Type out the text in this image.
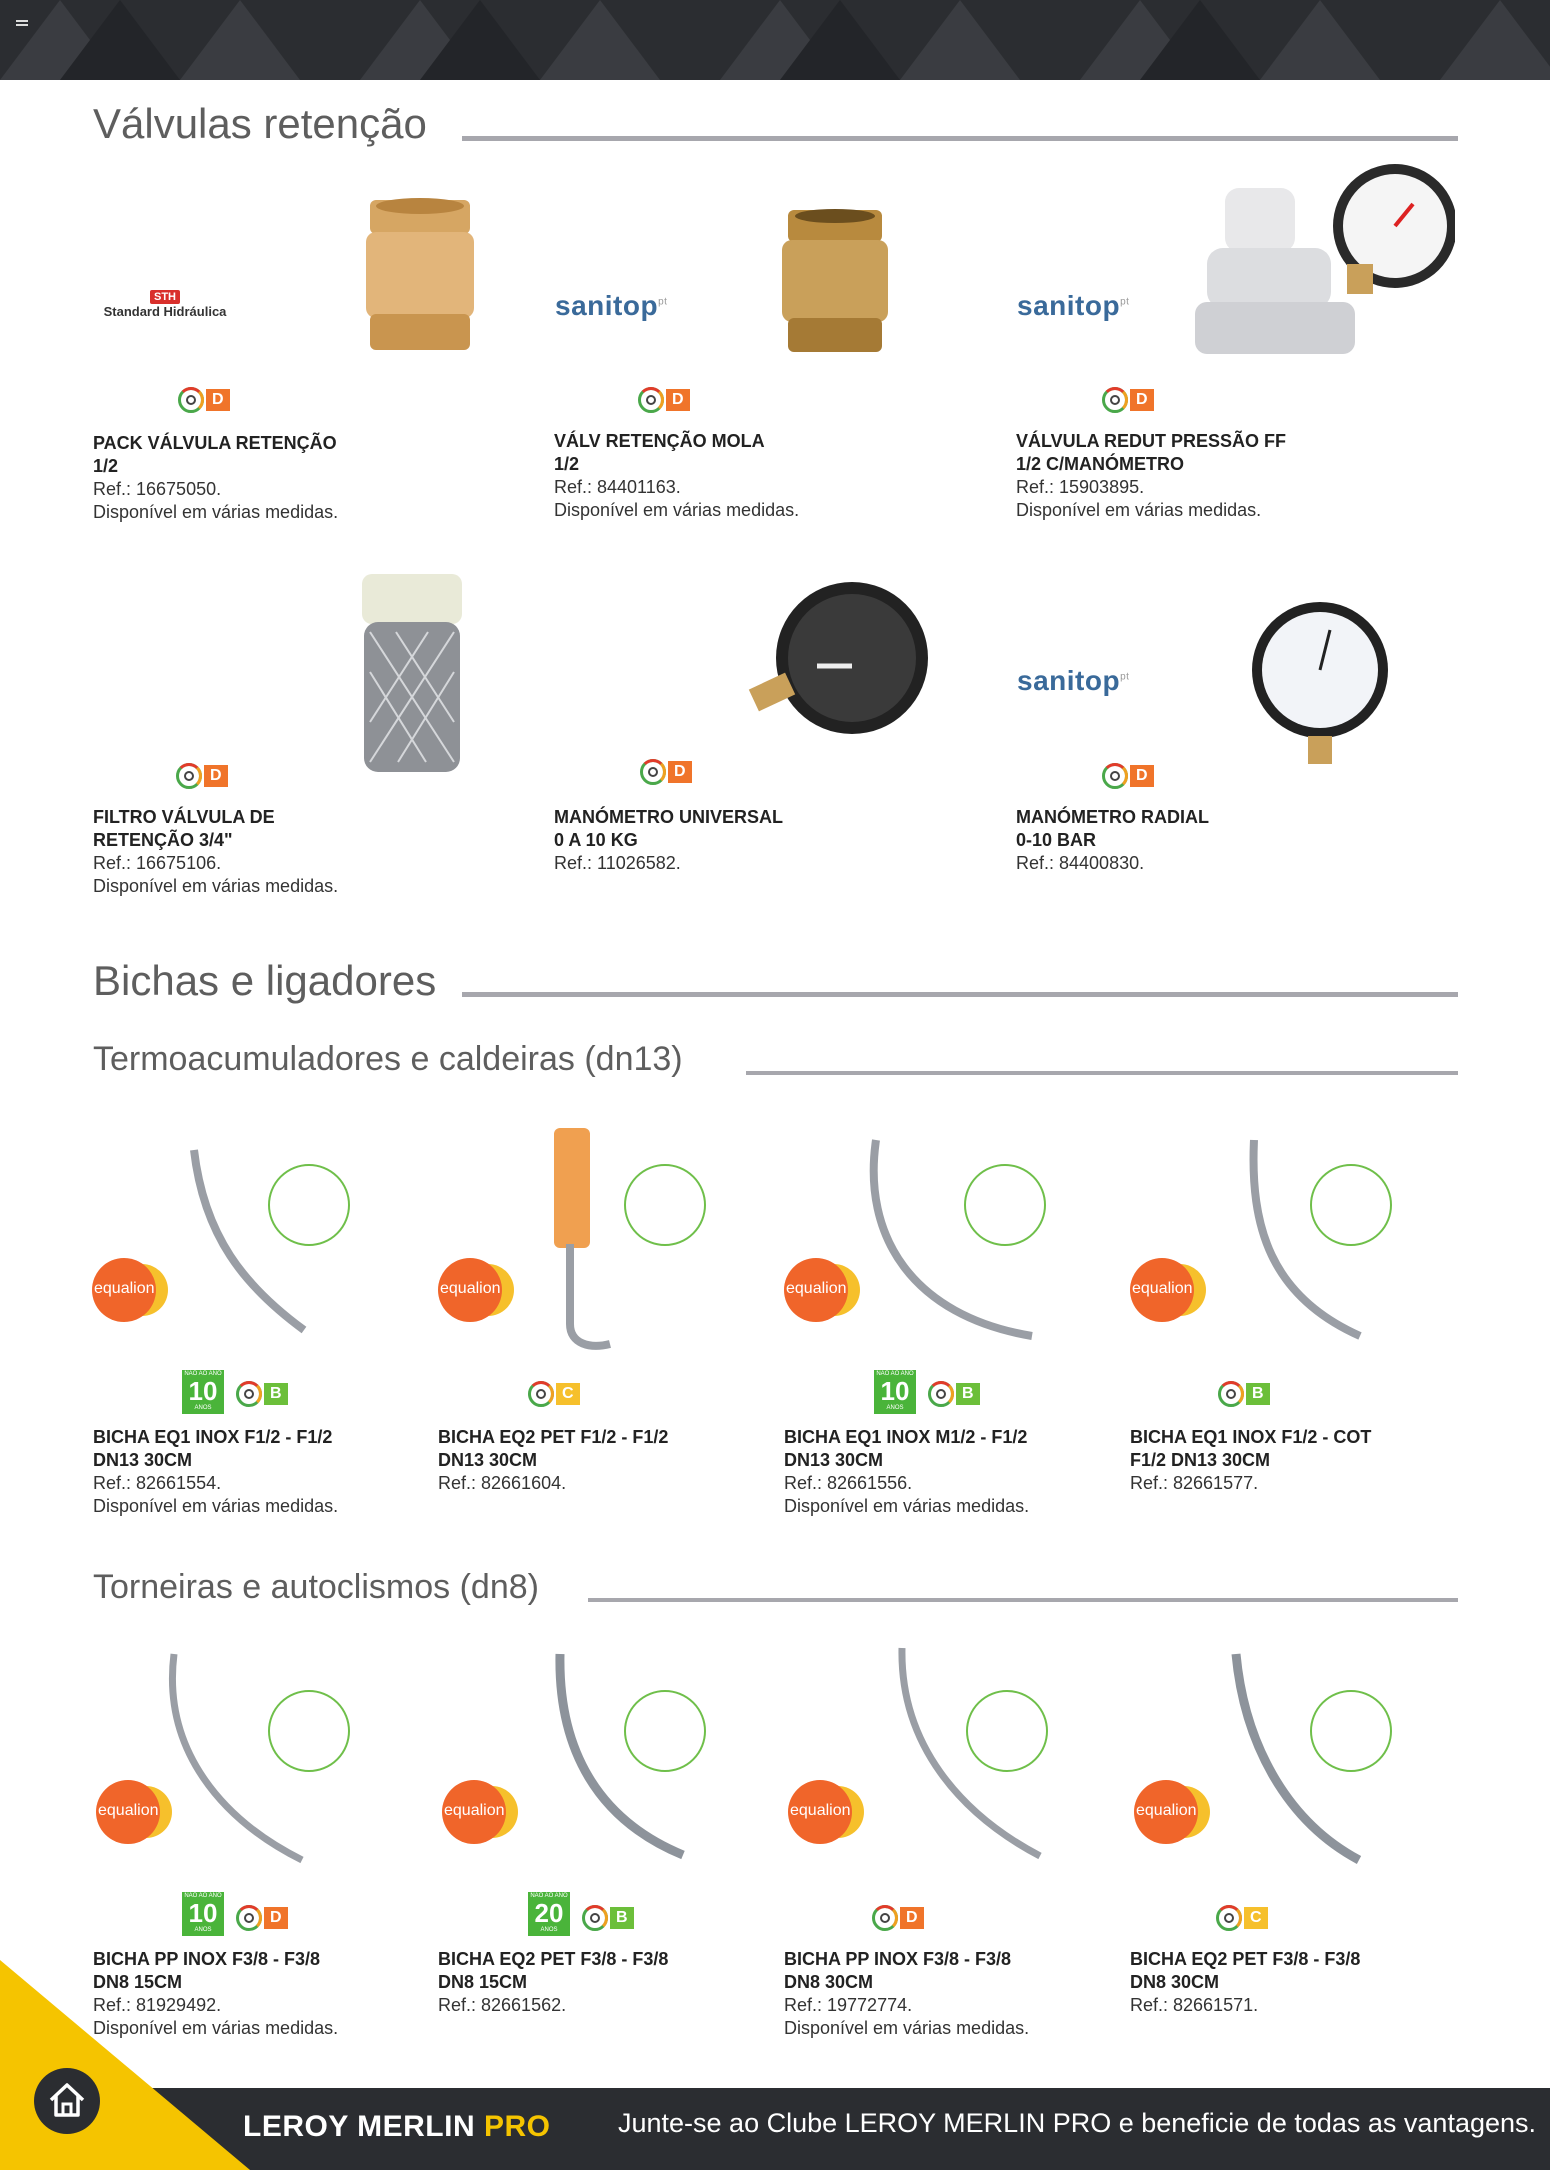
Válvulas retenção
STH
Standard Hidráulica
D
PACK VÁLVULA RETENÇÃO
1/2
Ref.: 16675050.
Disponível em várias medidas.
sanitop$^{pt}$
D
VÁLV RETENÇÃO MOLA
1/2
Ref.: 84401163.
Disponível em várias medidas.
sanitop$^{pt}$
D
VÁLVULA REDUT PRESSÃO FF
1/2 C/MANÓMETRO
Ref.: 15903895.
Disponível em várias medidas.
D
FILTRO VÁLVULA DE
RETENÇÃO 3/4"
Ref.: 16675106.
Disponível em várias medidas.
D
MANÓMETRO UNIVERSAL
0 A 10 KG
Ref.: 11026582.
sanitop$^{pt}$
D
MANÓMETRO RADIAL
0-10 BAR
Ref.: 84400830.
Bichas e ligadores
Termoacumuladores e caldeiras (dn13)
equalion
NÃO AO ANO
10
ANOS
B
BICHA EQ1 INOX F1/2 - F1/2
DN13 30CM
Ref.: 82661554.
Disponível em várias medidas.
equalion
C
BICHA EQ2 PET F1/2 - F1/2
DN13 30CM
Ref.: 82661604.
equalion
NÃO AO ANO
10
ANOS
B
BICHA EQ1 INOX M1/2 - F1/2
DN13 30CM
Ref.: 82661556.
Disponível em várias medidas.
equalion
B
BICHA EQ1 INOX F1/2 - COT
F1/2 DN13 30CM
Ref.: 82661577.
Torneiras e autoclismos (dn8)
equalion
NÃO AO ANO
10
ANOS
D
BICHA PP INOX F3/8 - F3/8
DN8 15CM
Ref.: 81929492.
Disponível em várias medidas.
equalion
NÃO AO ANO
20
ANOS
B
BICHA EQ2 PET F3/8 - F3/8
DN8 15CM
Ref.: 82661562.
equalion
D
BICHA PP INOX F3/8 - F3/8
DN8 30CM
Ref.: 19772774.
Disponível em várias medidas.
equalion
C
BICHA EQ2 PET F3/8 - F3/8
DN8 30CM
Ref.: 82661571.
LEROY MERLIN PRO	Junte-se ao Clube LEROY MERLIN PRO e beneficie de todas as vantagens.
